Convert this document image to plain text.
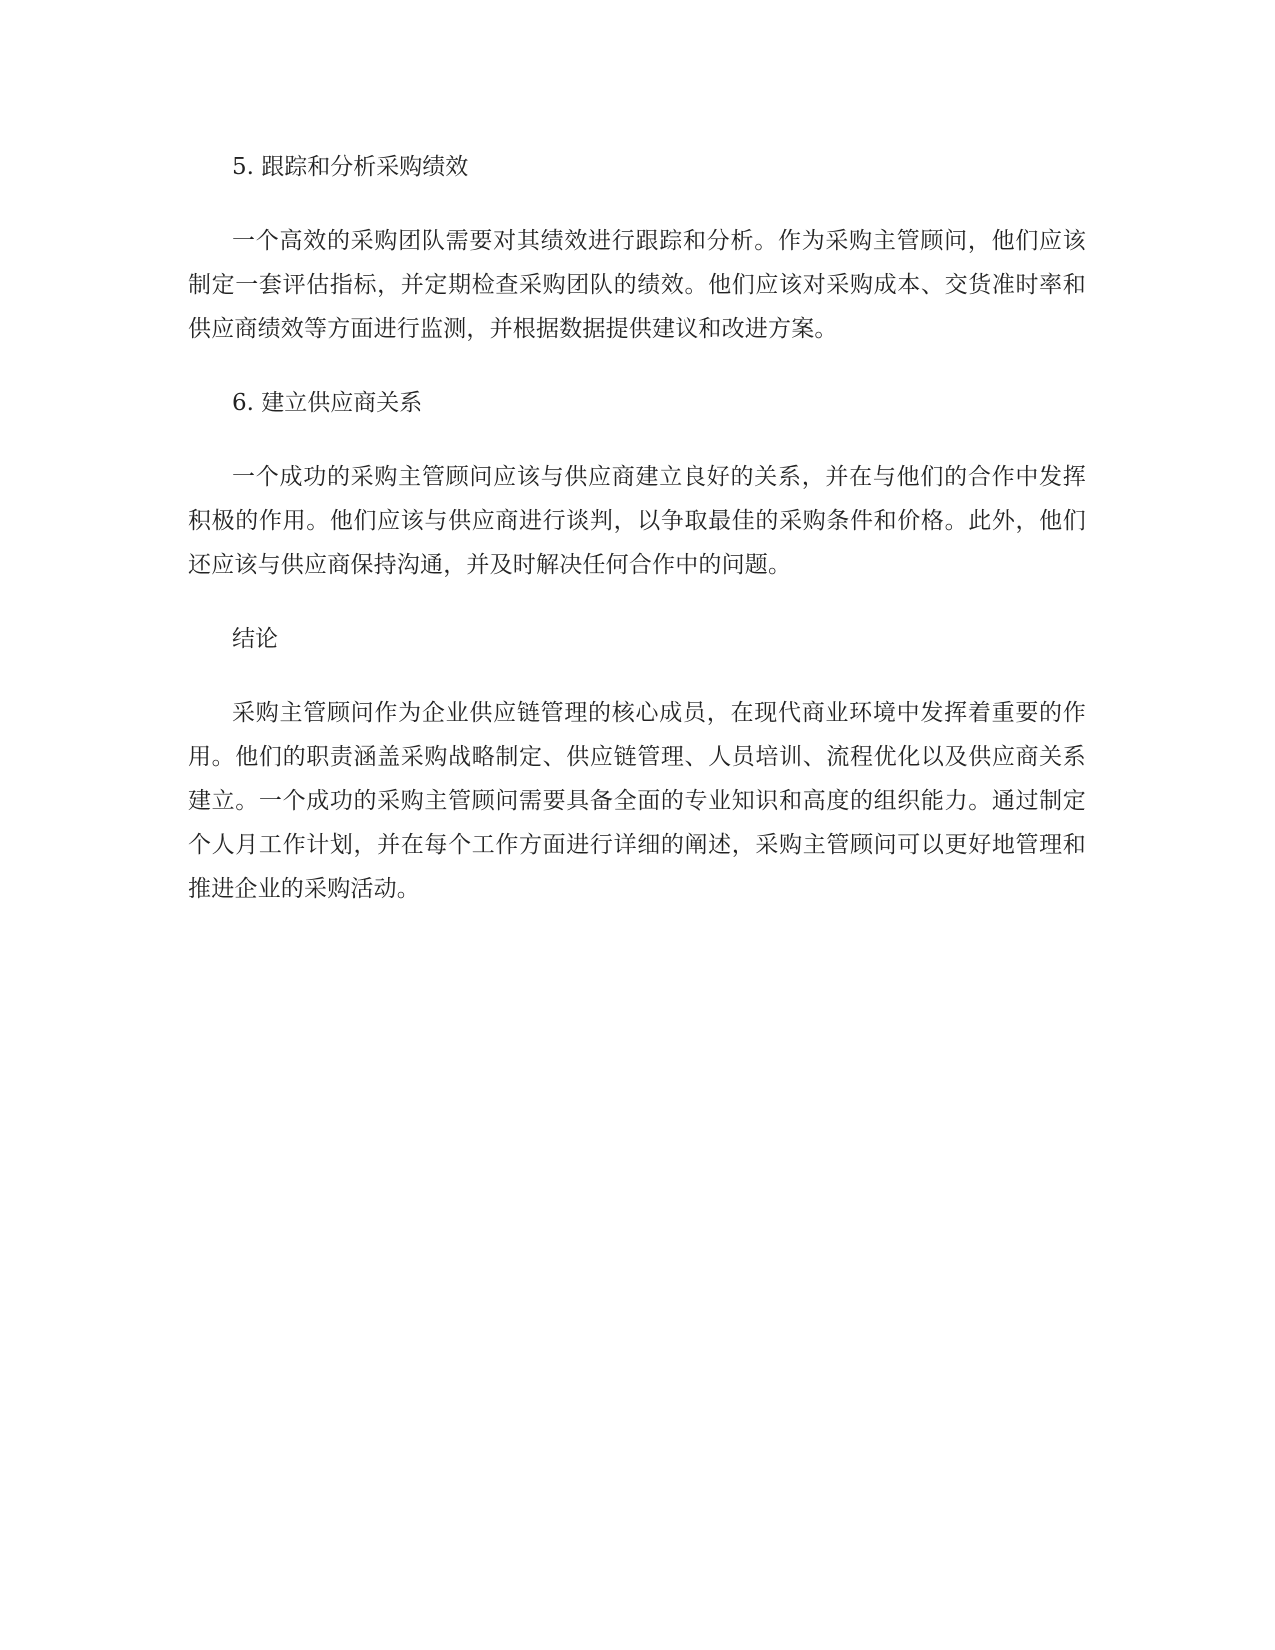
5. 跟踪和分析采购绩效

一个高效的采购团队需要对其绩效进行跟踪和分析。作为采购主管顾问，他们应该制定一套评估指标，并定期检查采购团队的绩效。他们应该对采购成本、交货准时率和供应商绩效等方面进行监测，并根据数据提供建议和改进方案。

6. 建立供应商关系

一个成功的采购主管顾问应该与供应商建立良好的关系，并在与他们的合作中发挥积极的作用。他们应该与供应商进行谈判，以争取最佳的采购条件和价格。此外，他们还应该与供应商保持沟通，并及时解决任何合作中的问题。

结论

采购主管顾问作为企业供应链管理的核心成员，在现代商业环境中发挥着重要的作用。他们的职责涵盖采购战略制定、供应链管理、人员培训、流程优化以及供应商关系建立。一个成功的采购主管顾问需要具备全面的专业知识和高度的组织能力。通过制定个人月工作计划，并在每个工作方面进行详细的阐述，采购主管顾问可以更好地管理和推进企业的采购活动。
